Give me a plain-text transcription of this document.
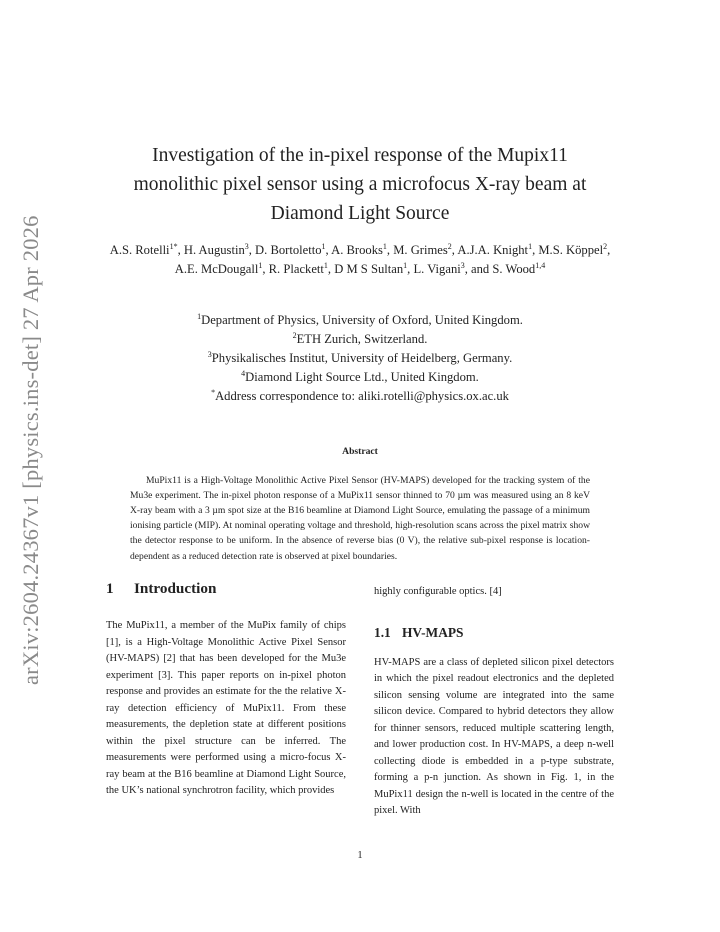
arXiv:2604.24367v1 [physics.ins-det] 27 Apr 2026
Investigation of the in-pixel response of the Mupix11
monolithic pixel sensor using a microfocus X-ray beam at
Diamond Light Source
A.S. Rotelli$^{1*}$, H. Augustin$^3$, D. Bortoletto$^1$, A. Brooks$^1$, M. Grimes$^2$, A.J.A. Knight$^1$, M.S. Köppel$^2$, A.E. McDougall$^1$, R. Plackett$^1$, D M S Sultan$^1$, L. Vigani$^3$, and S. Wood$^{1,4}$
$^1$Department of Physics, University of Oxford, United Kingdom.
$^2$ETH Zurich, Switzerland.
$^3$Physikalisches Institut, University of Heidelberg, Germany.
$^4$Diamond Light Source Ltd., United Kingdom.
*Address correspondence to: aliki.rotelli@physics.ox.ac.uk
Abstract

MuPix11 is a High-Voltage Monolithic Active Pixel Sensor (HV-MAPS) developed for the tracking system of the Mu3e experiment. The in-pixel photon response of a MuPix11 sensor thinned to 70 µm was measured using an 8 keV X-ray beam with a 3 µm spot size at the B16 beamline at Diamond Light Source, emulating the passage of a minimum ionising particle (MIP). At nominal operating voltage and threshold, high-resolution scans across the pixel matrix show the detector response to be uniform. In the absence of reverse bias (0 V), the relative sub-pixel response is location-dependent as a reduced detection rate is observed at pixel boundaries.

1 Introduction

The MuPix11, a member of the MuPix family of chips [1], is a High-Voltage Monolithic Active Pixel Sensor (HV-MAPS) [2] that has been developed for the Mu3e experiment [3]. This paper reports on in-pixel photon response and provides an estimate for the the relative X-ray detection efficiency of MuPix11. From these measurements, the depletion state at different positions within the pixel structure can be inferred. The measurements were performed using a micro-focus X-ray beam at the B16 beamline at Diamond Light Source, the UK’s national synchrotron facility, which provides

highly configurable optics. [4]

1.1 HV-MAPS

HV-MAPS are a class of depleted silicon pixel detectors in which the pixel readout electronics and the depleted silicon sensing volume are integrated into the same silicon device. Compared to hybrid detectors they allow for thinner sensors, reduced multiple scattering length, and lower production cost. In HV-MAPS, a deep n-well collecting diode is embedded in a p-type substrate, forming a p-n junction. As shown in Fig. 1, in the MuPix11 design the n-well is located in the centre of the pixel. With

1
